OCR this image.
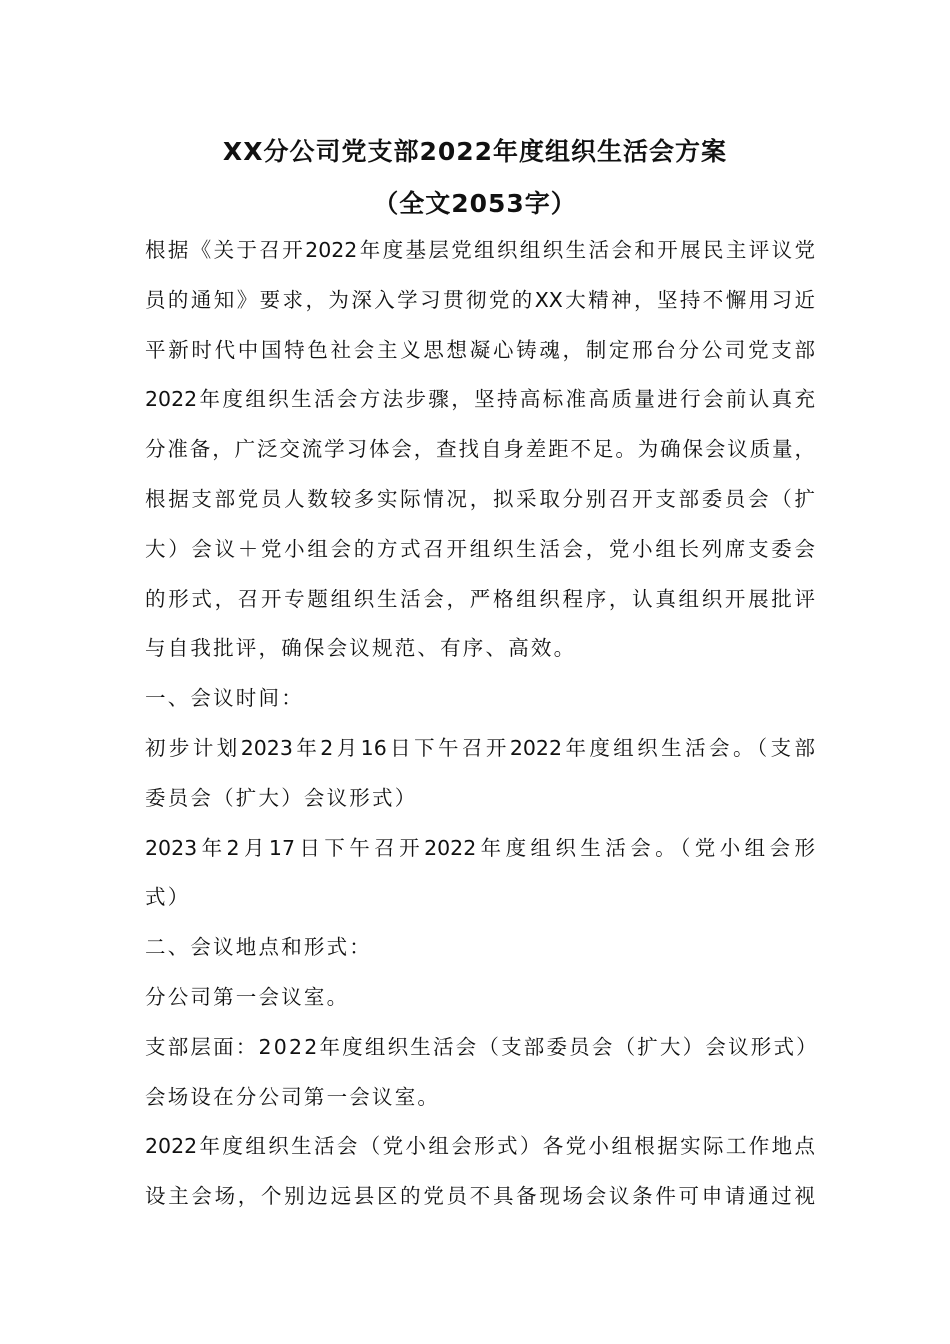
XX分公司党支部2022年度组织生活会方案
（全文2053字）
根据《关于召开2022年度基层党组织组织生活会和开展民主评议党
员的通知》要求，为深入学习贯彻党的XX大精神，坚持不懈用习近
平新时代中国特色社会主义思想凝心铸魂，制定邢台分公司党支部
2022年度组织生活会方法步骤，坚持高标准高质量进行会前认真充
分准备，广泛交流学习体会，查找自身差距不足。为确保会议质量，
根据支部党员人数较多实际情况，拟采取分别召开支部委员会（扩
大）会议＋党小组会的方式召开组织生活会，党小组长列席支委会
的形式，召开专题组织生活会，严格组织程序，认真组织开展批评
与自我批评，确保会议规范、有序、高效。
一、会议时间：
初步计划2023年2月16日下午召开2022年度组织生活会。（支部
委员会（扩大）会议形式）
2023年2月17日下午召开2022年度组织生活会。（党小组会形
式）
二、会议地点和形式：
分公司第一会议室。
支部层面：2022年度组织生活会（支部委员会（扩大）会议形式）
会场设在分公司第一会议室。
2022年度组织生活会（党小组会形式）各党小组根据实际工作地点
设主会场，个别边远县区的党员不具备现场会议条件可申请通过视
